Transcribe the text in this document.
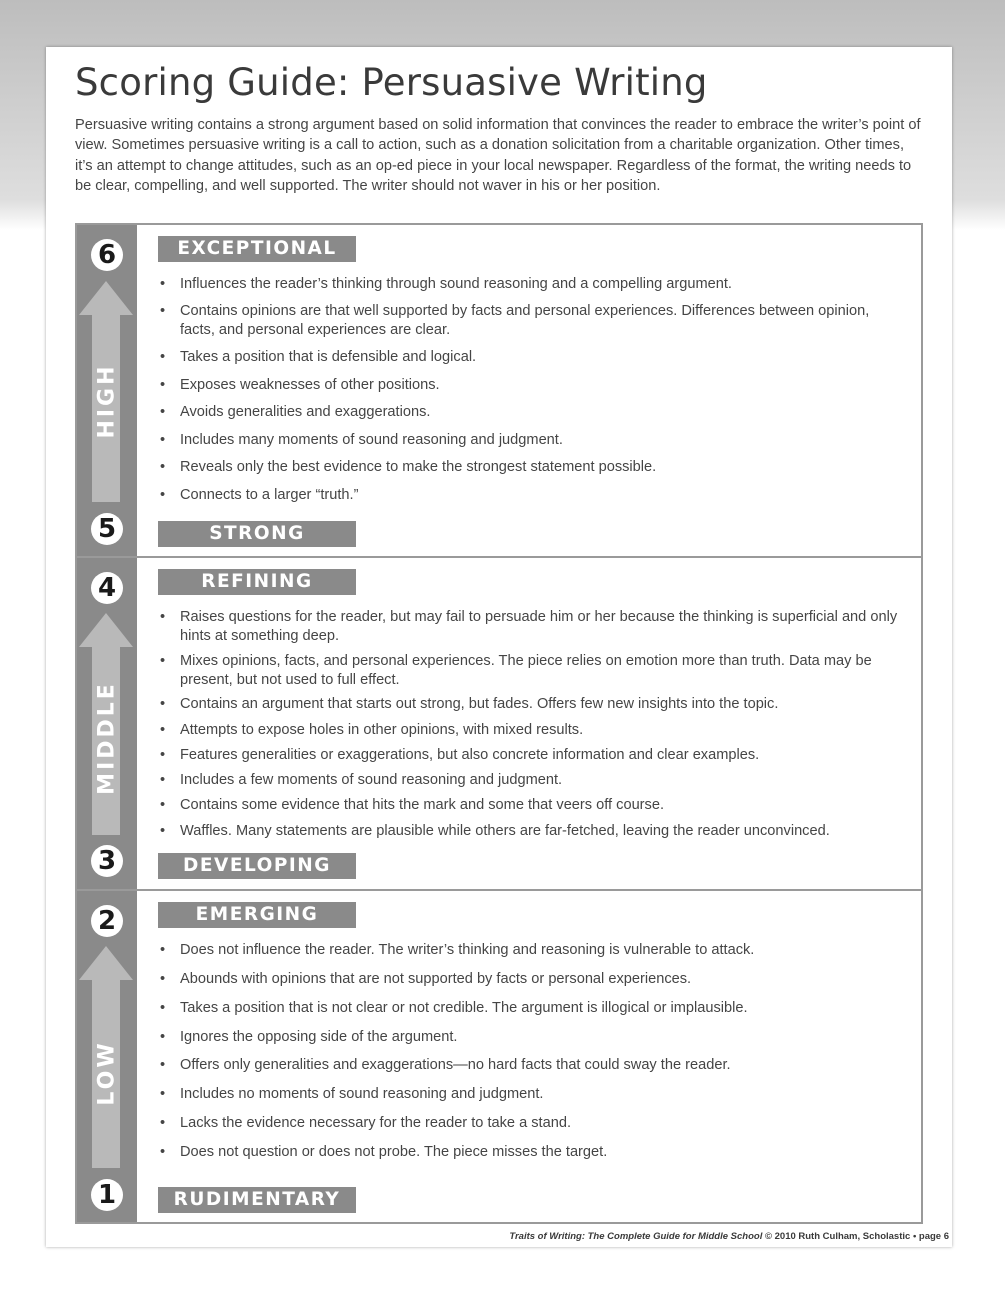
Scoring Guide: Persuasive Writing

Persuasive writing contains a strong argument based on solid information that convinces the reader to embrace the writer’s point of view. Sometimes persuasive writing is a call to action, such as a donation solicitation from a charitable organization. Other times, it’s an attempt to change attitudes, such as an op-ed piece in your local newspaper. Regardless of the format, the writing needs to be clear, compelling, and well supported. The writer should not waver in his or her position.

6
HIGH
5
EXCEPTIONAL
• Influences the reader’s thinking through sound reasoning and a compelling argument.
• Contains opinions are that well supported by facts and personal experiences. Differences between opinion, facts, and personal experiences are clear.
• Takes a position that is defensible and logical.
• Exposes weaknesses of other positions.
• Avoids generalities and exaggerations.
• Includes many moments of sound reasoning and judgment.
• Reveals only the best evidence to make the strongest statement possible.
• Connects to a larger “truth.”
STRONG
4
MIDDLE
3
REFINING
• Raises questions for the reader, but may fail to persuade him or her because the thinking is superficial and only hints at something deep.
• Mixes opinions, facts, and personal experiences. The piece relies on emotion more than truth. Data may be present, but not used to full effect.
• Contains an argument that starts out strong, but fades. Offers few new insights into the topic.
• Attempts to expose holes in other opinions, with mixed results.
• Features generalities or exaggerations, but also concrete information and clear examples.
• Includes a few moments of sound reasoning and judgment.
• Contains some evidence that hits the mark and some that veers off course.
• Waffles. Many statements are plausible while others are far-fetched, leaving the reader unconvinced.
DEVELOPING
2
LOW
1
EMERGING
• Does not influence the reader. The writer’s thinking and reasoning is vulnerable to attack.
• Abounds with opinions that are not supported by facts or personal experiences.
• Takes a position that is not clear or not credible. The argument is illogical or implausible.
• Ignores the opposing side of the argument.
• Offers only generalities and exaggerations—no hard facts that could sway the reader.
• Includes no moments of sound reasoning and judgment.
• Lacks the evidence necessary for the reader to take a stand.
• Does not question or does not probe. The piece misses the target.
RUDIMENTARY
Traits of Writing: The Complete Guide for Middle School © 2010 Ruth Culham, Scholastic • page 6
